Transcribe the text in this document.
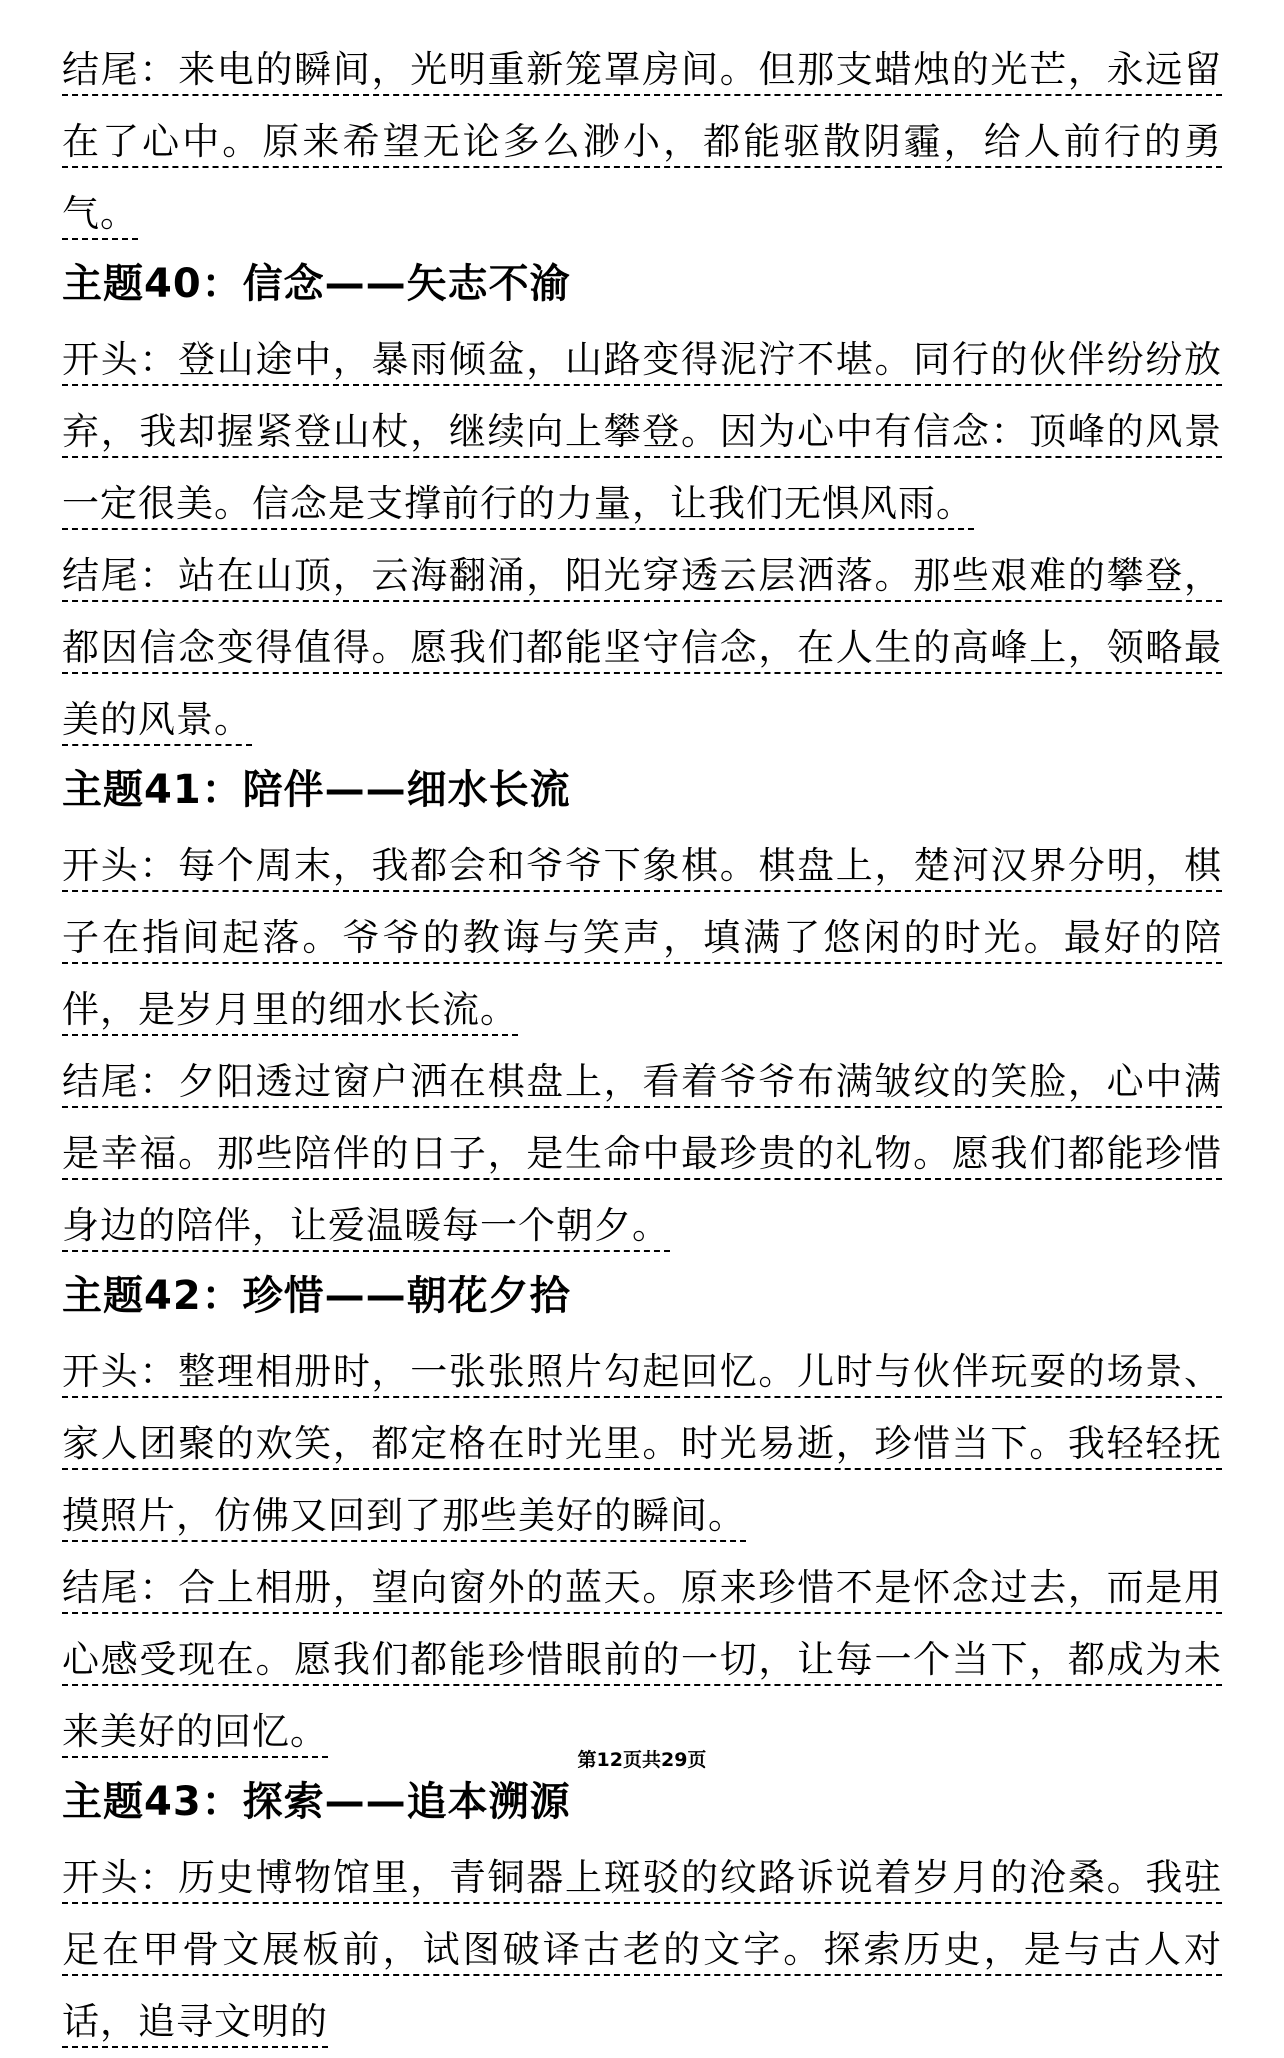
结尾：来电的瞬间，光明重新笼罩房间。但那支蜡烛的光芒，永远留在了心中。原来希望无论多么渺小，都能驱散阴霾，给人前行的勇气。

主题40：信念——矢志不渝

开头：登山途中，暴雨倾盆，山路变得泥泞不堪。同行的伙伴纷纷放弃，我却握紧登山杖，继续向上攀登。因为心中有信念：顶峰的风景一定很美。信念是支撑前行的力量，让我们无惧风雨。

结尾：站在山顶，云海翻涌，阳光穿透云层洒落。那些艰难的攀登，都因信念变得值得。愿我们都能坚守信念，在人生的高峰上，领略最美的风景。

主题41：陪伴——细水长流

开头：每个周末，我都会和爷爷下象棋。棋盘上，楚河汉界分明，棋子在指间起落。爷爷的教诲与笑声，填满了悠闲的时光。最好的陪伴，是岁月里的细水长流。

结尾：夕阳透过窗户洒在棋盘上，看着爷爷布满皱纹的笑脸，心中满是幸福。那些陪伴的日子，是生命中最珍贵的礼物。愿我们都能珍惜身边的陪伴，让爱温暖每一个朝夕。

主题42：珍惜——朝花夕拾

开头：整理相册时，一张张照片勾起回忆。儿时与伙伴玩耍的场景、家人团聚的欢笑，都定格在时光里。时光易逝，珍惜当下。我轻轻抚摸照片，仿佛又回到了那些美好的瞬间。

结尾：合上相册，望向窗外的蓝天。原来珍惜不是怀念过去，而是用心感受现在。愿我们都能珍惜眼前的一切，让每一个当下，都成为未来美好的回忆。

主题43：探索——追本溯源

开头：历史博物馆里，青铜器上斑驳的纹路诉说着岁月的沧桑。我驻足在甲骨文展板前，试图破译古老的文字。探索历史，是与古人对话，追寻文明的

第12页共29页
